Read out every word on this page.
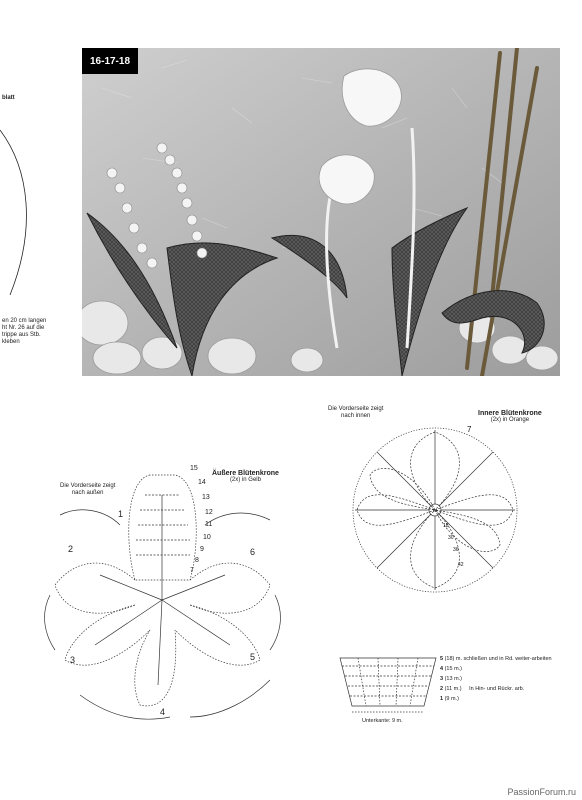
blatt
en 20 cm langen
ht Nr. 26 auf die
trippe aus Stb.
kleben
16-17-18
Die Vorderseite zeigt
nach außen
Äußere Blütenkrone
(2x) in Gelb
1
2
3
4
5
6
15
14
13
12
11
10
9
8
7
Die Vorderseite zeigt
nach innen	Innere Blütenkrone
(2x) in Orange
10
18
30
36
42
7
5 (18) m. schließen und in Rd. weiter-arbeiten
4 (15 m.)
3 (13 m.)
2 (11 m.) In Hin- und Rückr. arb.
1 (9 m.)
Unterkante: 9 m.
PassionForum.ru
